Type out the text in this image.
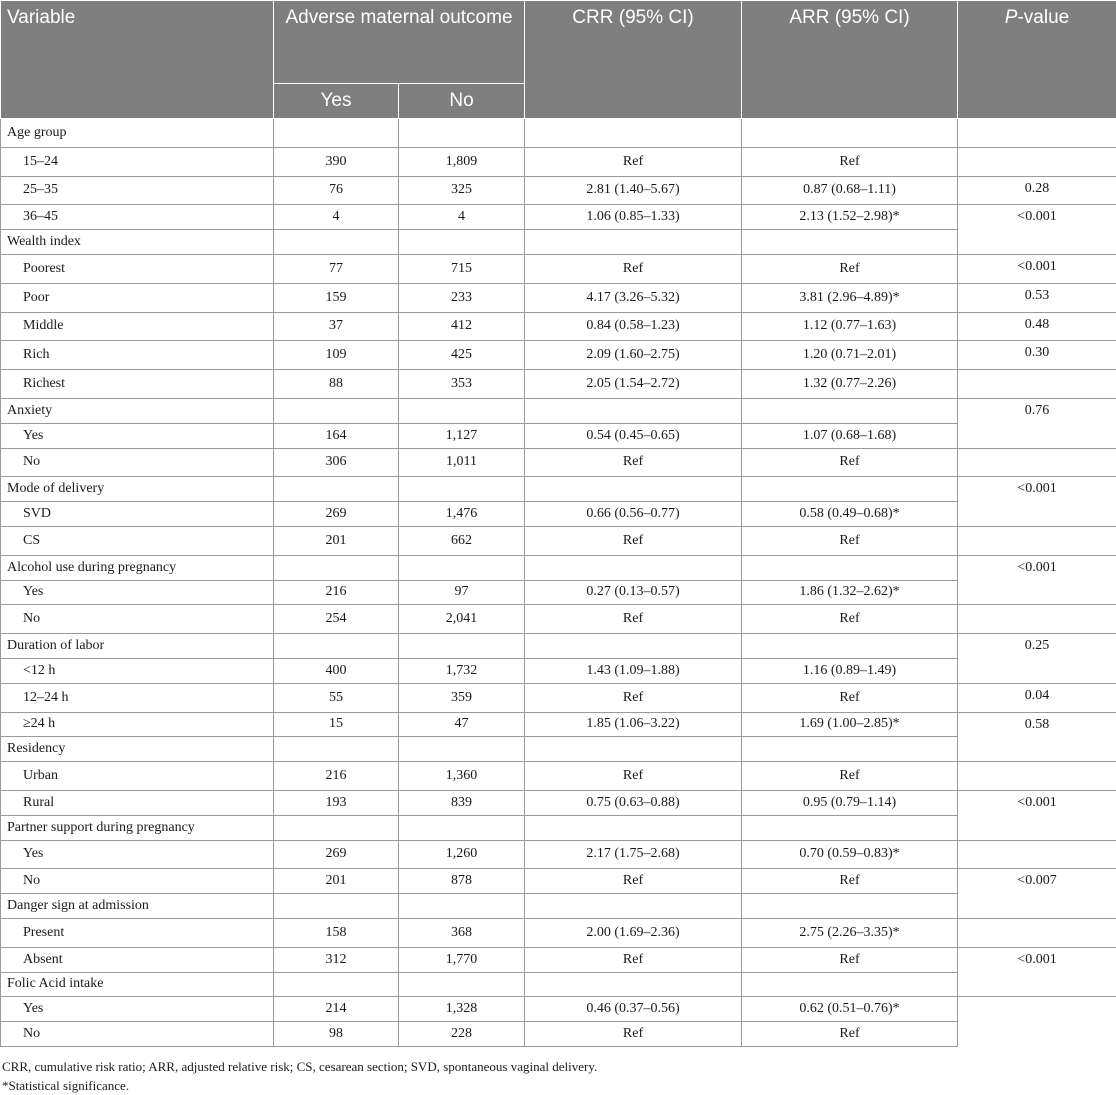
Variable	Adverse maternal outcome		CRR (95% CI)	ARR (95% CI)	P-value
	Yes	No			
Age group					
15–24	390	1,809	Ref	Ref	
25–35	76	325	2.81 (1.40–5.67)	0.87 (0.68–1.11)	0.28
36–45	4	4	1.06 (0.85–1.33)	2.13 (1.52–2.98)*	<0.001
Wealth index					
Poorest	77	715	Ref	Ref	<0.001
Poor	159	233	4.17 (3.26–5.32)	3.81 (2.96–4.89)*	0.53
Middle	37	412	0.84 (0.58–1.23)	1.12 (0.77–1.63)	0.48
Rich	109	425	2.09 (1.60–2.75)	1.20 (0.71–2.01)	0.30
Richest	88	353	2.05 (1.54–2.72)	1.32 (0.77–2.26)	
Anxiety					0.76
Yes	164	1,127	0.54 (0.45–0.65)	1.07 (0.68–1.68)	
No	306	1,011	Ref	Ref	
Mode of delivery					<0.001
SVD	269	1,476	0.66 (0.56–0.77)	0.58 (0.49–0.68)*	
CS	201	662	Ref	Ref	
Alcohol use during pregnancy					<0.001
Yes	216	97	0.27 (0.13–0.57)	1.86 (1.32–2.62)*	
No	254	2,041	Ref	Ref	
Duration of labor					0.25
<12 h	400	1,732	1.43 (1.09–1.88)	1.16 (0.89–1.49)	
12–24 h	55	359	Ref	Ref	0.04
≥24 h	15	47	1.85 (1.06–3.22)	1.69 (1.00–2.85)*	0.58
Residency					
Urban	216	1,360	Ref	Ref	
Rural	193	839	0.75 (0.63–0.88)	0.95 (0.79–1.14)	<0.001
Partner support during pregnancy					
Yes	269	1,260	2.17 (1.75–2.68)	0.70 (0.59–0.83)*	
No	201	878	Ref	Ref	<0.007
Danger sign at admission					
Present	158	368	2.00 (1.69–2.36)	2.75 (2.26–3.35)*	
Absent	312	1,770	Ref	Ref	<0.001
Folic Acid intake					
Yes	214	1,328	0.46 (0.37–0.56)	0.62 (0.51–0.76)*	
No	98	228	Ref	Ref	
CRR, cumulative risk ratio; ARR, adjusted relative risk; CS, cesarean section; SVD, spontaneous vaginal delivery.
*Statistical significance.
